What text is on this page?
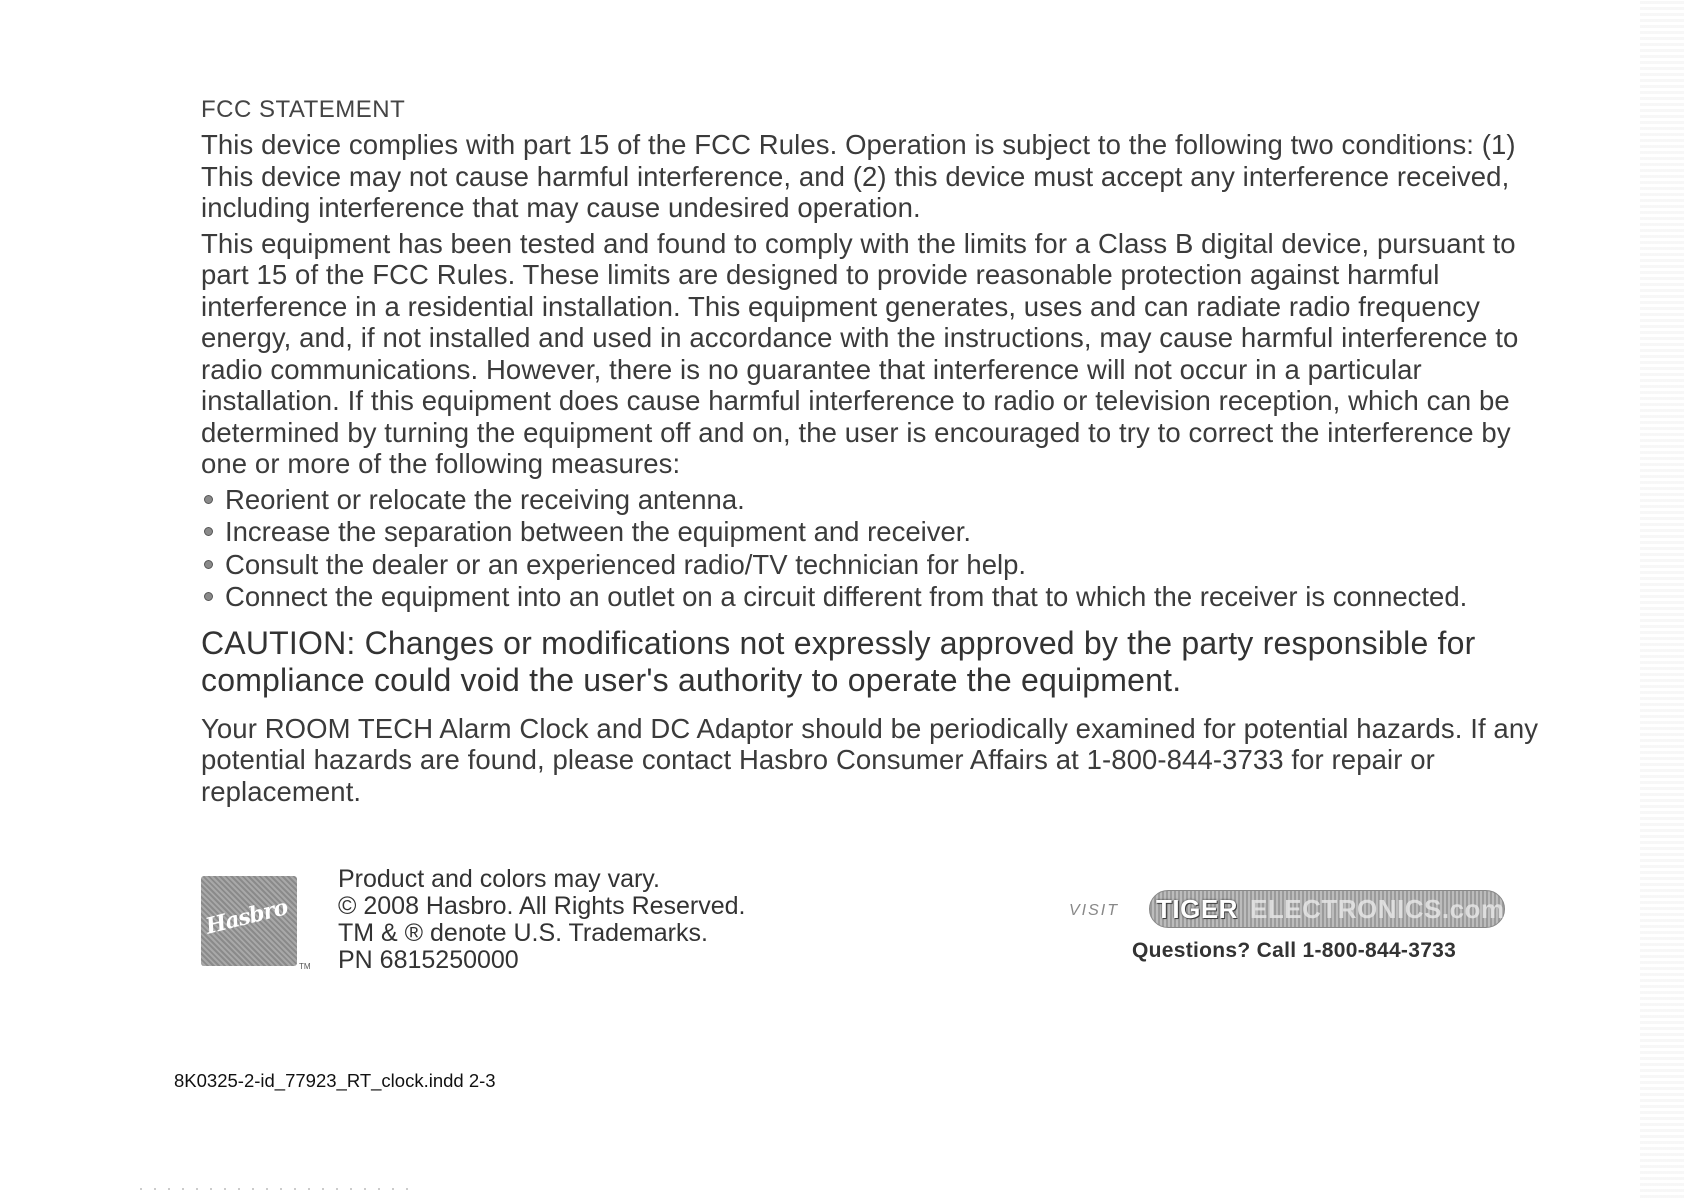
FCC STATEMENT

This device complies with part 15 of the FCC Rules. Operation is subject to the following two conditions: (1) This device may not cause harmful interference, and (2) this device must accept any interference received, including interference that may cause undesired operation.

This equipment has been tested and found to comply with the limits for a Class B digital device, pursuant to part 15 of the FCC Rules. These limits are designed to provide reasonable protection against harmful interference in a residential installation. This equipment generates, uses and can radiate radio frequency energy, and, if not installed and used in accordance with the instructions, may cause harmful interference to radio communications. However, there is no guarantee that interference will not occur in a particular installation. If this equipment does cause harmful interference to radio or television reception, which can be determined by turning the equipment off and on, the user is encouraged to try to correct the interference by one or more of the following measures:

Reorient or relocate the receiving antenna.
Increase the separation between the equipment and receiver.
Consult the dealer or an experienced radio/TV technician for help.
Connect the equipment into an outlet on a circuit different from that to which the receiver is connected.

CAUTION: Changes or modifications not expressly approved by the party responsible for compliance could void the user's authority to operate the equipment.

Your ROOM TECH Alarm Clock and DC Adaptor should be periodically examined for potential hazards. If any potential hazards are found, please contact Hasbro Consumer Affairs at 1-800-844-3733 for repair or replacement.

Hasbro
TM
Product and colors may vary.
© 2008 Hasbro. All Rights Reserved.
TM & ® denote U.S. Trademarks.
PN 6815250000
VISIT TIGER ELECTRONICS.com
Questions? Call 1-800-844-3733
8K0325-2-id_77923_RT_clock.indd 2-3
